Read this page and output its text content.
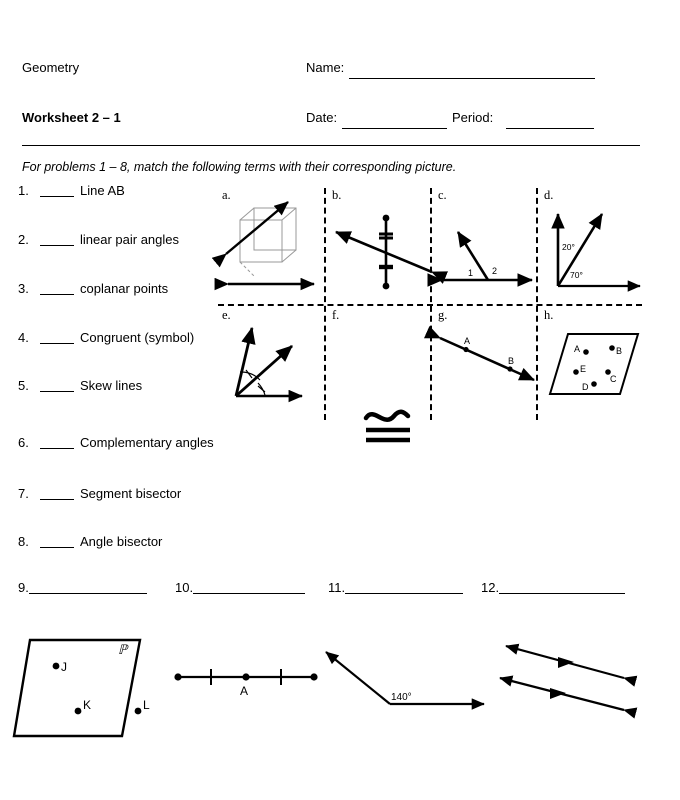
Geometry
Worksheet 2 – 1
Name:
Date:	Period:
For problems 1 – 8, match the following terms with their corresponding picture.
1.	Line AB
2.	linear pair angles
3.	coplanar points
4.	Congruent (symbol)
5.	Skew lines
6.	Complementary angles
7.	Segment bisector
8.	Angle bisector
9.	10.	11.	12.
a.	b.	c.
1 2
d.
20°
70°
e.	f.	g.
A
B
h.
A	B
E
C
D
ℙ
J
K	L
A	140°
